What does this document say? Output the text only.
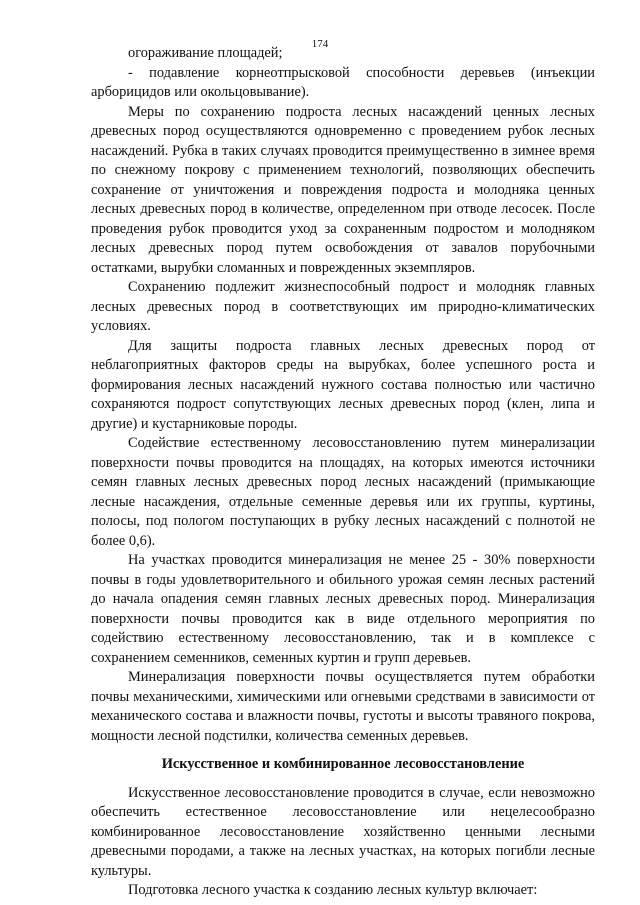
174

огораживание площадей;

- подавление корнеотпрысковой способности деревьев (инъекции арборицидов или окольцовывание).

Меры по сохранению подроста лесных насаждений ценных лесных древесных пород осуществляются одновременно с проведением рубок лесных насаждений. Рубка в таких случаях проводится преимущественно в зимнее время по снежному покрову с применением технологий, позволяющих обеспечить сохранение от уничтожения и повреждения подроста и молодняка ценных лесных древесных пород в количестве, определенном при отводе лесосек. После проведения рубок проводится уход за сохраненным подростом и молодняком лесных древесных пород путем освобождения от завалов порубочными остатками, вырубки сломанных и поврежденных экземпляров.

Сохранению подлежит жизнеспособный подрост и молодняк главных лесных древесных пород в соответствующих им природно-климатических условиях.

Для защиты подроста главных лесных древесных пород от неблагоприятных факторов среды на вырубках, более успешного роста и формирования лесных насаждений нужного состава полностью или частично сохраняются подрост сопутствующих лесных древесных пород (клен, липа и другие) и кустарниковые породы.

Содействие естественному лесовосстановлению путем минерализации поверхности почвы проводится на площадях, на которых имеются источники семян главных лесных древесных пород лесных насаждений (примыкающие лесные насаждения, отдельные семенные деревья или их группы, куртины, полосы, под пологом поступающих в рубку лесных насаждений с полнотой не более 0,6).

На участках проводится минерализация не менее 25 - 30% поверхности почвы в годы удовлетворительного и обильного урожая семян лесных растений до начала опадения семян главных лесных древесных пород. Минерализация поверхности почвы проводится как в виде отдельного мероприятия по содействию естественному лесовосстановлению, так и в комплексе с сохранением семенников, семенных куртин и групп деревьев.

Минерализация поверхности почвы осуществляется путем обработки почвы механическими, химическими или огневыми средствами в зависимости от механического состава и влажности почвы, густоты и высоты травяного покрова, мощности лесной подстилки, количества семенных деревьев.

Искусственное и комбинированное лесовосстановление

Искусственное лесовосстановление проводится в случае, если невозможно обеспечить естественное лесовосстановление или нецелесообразно комбинированное лесовосстановление хозяйственно ценными лесными древесными породами, а также на лесных участках, на которых погибли лесные культуры.

Подготовка лесного участка к созданию лесных культур включает:
